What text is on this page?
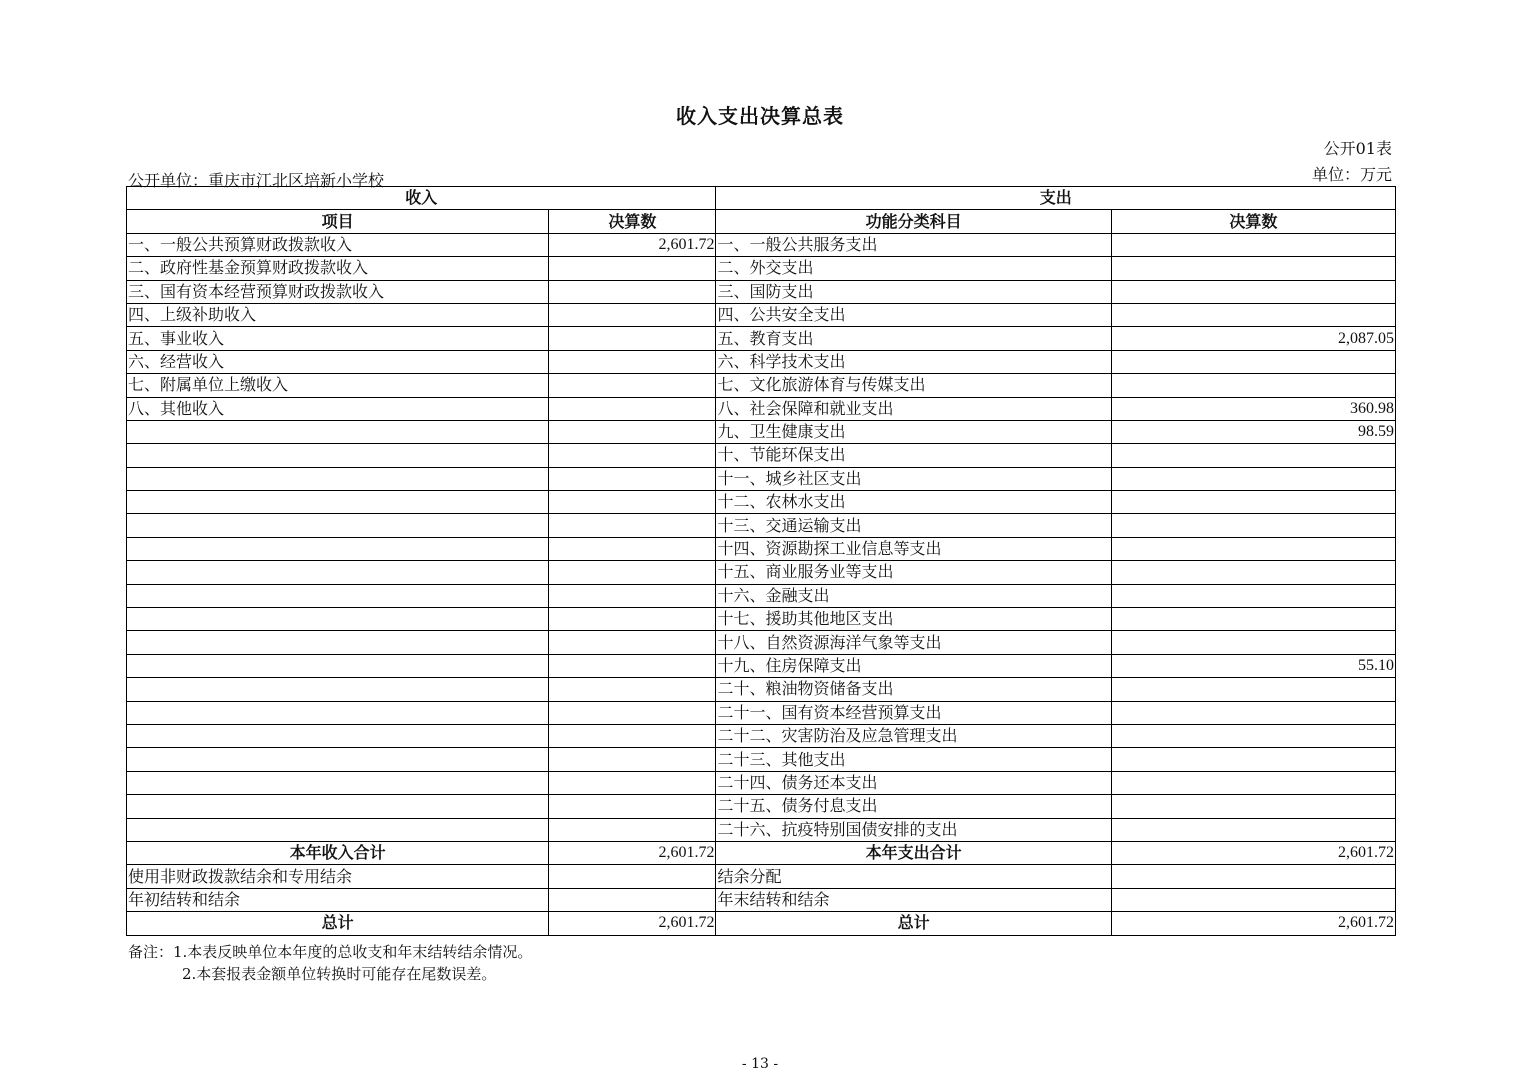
收入支出决算总表
公开01表
单位：万元
公开单位：重庆市江北区培新小学校
收入		支出	
项目	决算数	功能分类科目	决算数
一、一般公共预算财政拨款收入	2,601.72	一、一般公共服务支出	
二、政府性基金预算财政拨款收入		二、外交支出	
三、国有资本经营预算财政拨款收入		三、国防支出	
四、上级补助收入		四、公共安全支出	
五、事业收入		五、教育支出	2,087.05
六、经营收入		六、科学技术支出	
七、附属单位上缴收入		七、文化旅游体育与传媒支出	
八、其他收入		八、社会保障和就业支出	360.98
		九、卫生健康支出	98.59
		十、节能环保支出	
		十一、城乡社区支出	
		十二、农林水支出	
		十三、交通运输支出	
		十四、资源勘探工业信息等支出	
		十五、商业服务业等支出	
		十六、金融支出	
		十七、援助其他地区支出	
		十八、自然资源海洋气象等支出	
		十九、住房保障支出	55.10
		二十、粮油物资储备支出	
		二十一、国有资本经营预算支出	
		二十二、灾害防治及应急管理支出	
		二十三、其他支出	
		二十四、债务还本支出	
		二十五、债务付息支出	
		二十六、抗疫特别国债安排的支出	
本年收入合计	2,601.72	本年支出合计	2,601.72
使用非财政拨款结余和专用结余		结余分配	
年初结转和结余		年末结转和结余	
总计	2,601.72	总计	2,601.72
备注：1.本表反映单位本年度的总收支和年末结转结余情况。
2.本套报表金额单位转换时可能存在尾数误差。
- 13 -
